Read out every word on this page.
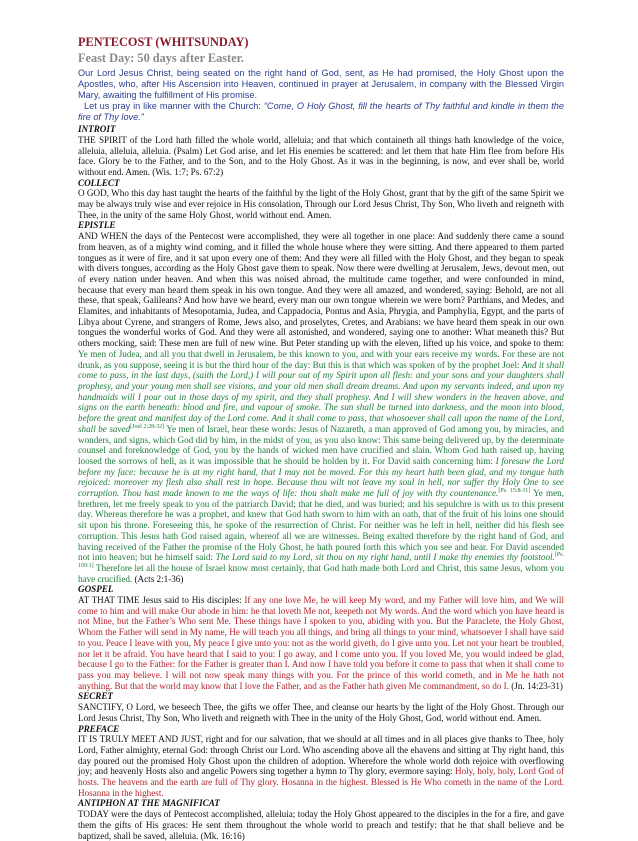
PENTECOST (WHITSUNDAY)

Feast Day: 50 days after Easter.

Our Lord Jesus Christ, being seated on the right hand of God, sent, as He had promised, the Holy Ghost upon the Apostles, who, after His Ascension into Heaven, continued in prayer at Jerusalem, in company with the Blessed Virgin Mary, awaiting the fulfillment of His promise.

Let us pray in like manner with the Church: “Come, O Holy Ghost, fill the hearts of Thy faithful and kindle in them the fire of Thy love.”

INTROIT

THE SPIRIT of the Lord hath filled the whole world, alleluia; and that which containeth all things hath knowledge of the voice, alleluia, alleluia, alleluia. (Psalm) Let God arise, and let His enemies be scattered: and let them that hate Him flee from before His face. Glory be to the Father, and to the Son, and to the Holy Ghost. As it was in the beginning, is now, and ever shall be, world without end. Amen. (Wis. 1:7; Ps. 67:2)

COLLECT

O GOD, Who this day hast taught the hearts of the faithful by the light of the Holy Ghost, grant that by the gift of the same Spirit we may be always truly wise and ever rejoice in His consolation, Through our Lord Jesus Christ, Thy Son, Who liveth and reigneth with Thee, in the unity of the same Holy Ghost, world without end. Amen.

EPISTLE

AND WHEN the days of the Pentecost were accomplished, they were all together in one place: And suddenly there came a sound from heaven, as of a mighty wind coming, and it filled the whole house where they were sitting. And there appeared to them parted tongues as it were of fire, and it sat upon every one of them: And they were all filled with the Holy Ghost, and they began to speak with divers tongues, according as the Holy Ghost gave them to speak. Now there were dwelling at Jerusalem, Jews, devout men, out of every nation under heaven. And when this was noised abroad, the multitude came together, and were confounded in mind, because that every man heard them speak in his own tongue. And they were all amazed, and wondered, saying: Behold, are not all these, that speak, Galileans? And how have we heard, every man our own tongue wherein we were born? Parthians, and Medes, and Elamites, and inhabitants of Mesopotamia, Judea, and Cappadocia, Pontus and Asia, Phrygia, and Pamphylia, Egypt, and the parts of Libya about Cyrene, and strangers of Rome, Jews also, and proselytes, Cretes, and Arabians: we have heard them speak in our own tongues the wonderful works of God. And they were all astonished, and wondered, saying one to another: What meaneth this? But others mocking, said: These men are full of new wine. But Peter standing up with the eleven, lifted up his voice, and spoke to them: Ye men of Judea, and all you that dwell in Jerusalem, be this known to you, and with your ears receive my words. For these are not drunk, as you suppose, seeing it is but the third hour of the day: But this is that which was spoken of by the prophet Joel: And it shall come to pass, in the last days, (saith the Lord,) I will pour out of my Spirit upon all flesh: and your sons and your daughters shall prophesy, and your young men shall see visions, and your old men shall dream dreams. And upon my servants indeed, and upon my handmaids will I pour out in those days of my spirit, and they shall prophesy. And I will shew wonders in the heaven above, and signs on the earth beneath: blood and fire, and vapour of smoke. The sun shall be turned into darkness, and the moon into blood, before the great and manifest day of the Lord come. And it shall come to pass, that whosoever shall call upon the name of the Lord, shall be saved[Joel 2:28-32] Ye men of Israel, hear these words: Jesus of Nazareth, a man approved of God among you, by miracles, and wonders, and signs, which God did by him, in the midst of you, as you also know: This same being delivered up, by the determinate counsel and foreknowledge of God, you by the hands of wicked men have crucified and slain. Whom God hath raised up, having loosed the sorrows of hell, as it was impossible that he should be holden by it. For David saith concerning him: I foresaw the Lord before my face: because he is at my right hand, that I may not be moved. For this my heart hath been glad, and my tongue hath rejoiced: moreover my flesh also shall rest in hope. Because thou wilt not leave my soul in hell, nor suffer thy Holy One to see corruption. Thou hast made known to me the ways of life: thou shalt make me full of joy with thy countenance.[Ps. 15:8-11] Ye men, brethren, let me freely speak to you of the patriarch David; that he died, and was buried; and his sepulchre is with us to this present day. Whereas therefore he was a prophet, and knew that God hath sworn to him with an oath, that of the fruit of his loins one should sit upon his throne. Foreseeing this, he spoke of the resurrection of Christ. For neither was he left in hell, neither did his flesh see corruption. This Jesus hath God raised again, whereof all we are witnesses. Being exalted therefore by the right hand of God, and having received of the Father the promise of the Holy Ghost, he hath poured forth this which you see and hear. For David ascended not into heaven; but he himself said: The Lord said to my Lord, sit thou on my right hand, until I make thy enemies thy footstool.[Ps. 109:1] Therefore let all the house of Israel know most certainly, that God hath made both Lord and Christ, this same Jesus, whom you have crucified. (Acts 2:1-36)

GOSPEL

AT THAT TIME Jesus said to His disciples: If any one love Me, he will keep My word, and my Father will love him, and We will come to him and will make Our abode in him: he that loveth Me not, keepeth not My words. And the word which you have heard is not Mine, but the Father’s Who sent Me. These things have I spoken to you, abiding with you. But the Paraclete, the Holy Ghost, Whom the Father will send in My name, He will teach you all things, and bring all things to your mind, whatsoever I shall have said to you. Peace I leave with you, My peace I give unto you: not as the world giveth, do I give unto you. Let not your heart be troubled, nor let it be afraid. You have heard that I said to you: I go away, and I come unto you. If you loved Me, you would indeed be glad, because I go to the Father: for the Father is greater than I. And now I have told you before it come to pass that when it shall come to pass you may believe. I will not now speak many things with you. For the prince of this world cometh, and in Me he hath not anything. But that the world may know that I love the Father, and as the Father hath given Me commandment, so do I. (Jn. 14:23-31)

SECRET

SANCTIFY, O Lord, we beseech Thee, the gifts we offer Thee, and cleanse our hearts by the light of the Holy Ghost. Through our Lord Jesus Christ, Thy Son, Who liveth and reigneth with Thee in the unity of the Holy Ghost, God, world without end. Amen.

PREFACE

IT IS TRULY MEET AND JUST, right and for our salvation, that we should at all times and in all places give thanks to Thee, holy Lord, Father almighty, eternal God: through Christ our Lord. Who ascending above all the ehavens and sitting at Thy right hand, this day poured out the promised Holy Ghost upon the children of adoption. Wherefore the whole world doth rejoice with overflowing joy; and heavenly Hosts also and angelic Powers sing together a hymn to Thy glory, evermore saying: Holy, holy, holy, Lord God of hosts. The heavens and the earth are full of Thy glory. Hosanna in the highest. Blessed is He Who cometh in the name of the Lord. Hosanna in the highest.

ANTIPHON AT THE MAGNIFICAT

TODAY were the days of Pentecost accomplished, alleluia; today the Holy Ghost appeared to the disciples in the for a fire, and gave them the gifts of His graces: He sent them throughout the whole world to preach and testify: that he that shall believe and be baptized, shall be saved, alleluia. (Mk. 16:16)
